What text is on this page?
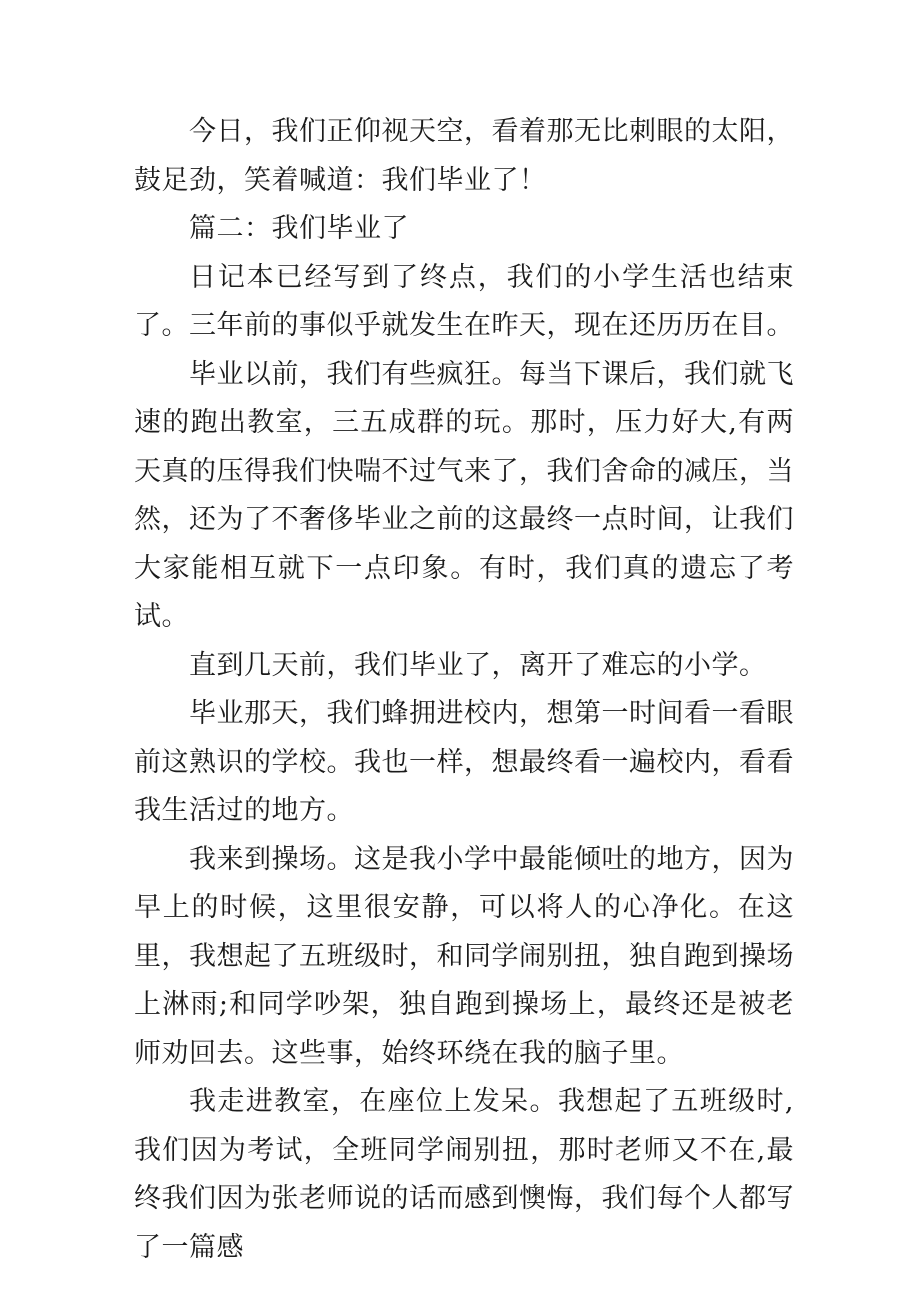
今日，我们正仰视天空，看着那无比刺眼的太阳，鼓足劲，笑着喊道：我们毕业了！

篇二：我们毕业了

日记本已经写到了终点，我们的小学生活也结束了。三年前的事似乎就发生在昨天，现在还历历在目。

毕业以前，我们有些疯狂。每当下课后，我们就飞速的跑出教室，三五成群的玩。那时，压力好大,有两天真的压得我们快喘不过气来了，我们舍命的减压，当然，还为了不奢侈毕业之前的这最终一点时间，让我们大家能相互就下一点印象。有时，我们真的遗忘了考试。

直到几天前，我们毕业了，离开了难忘的小学。

毕业那天，我们蜂拥进校内，想第一时间看一看眼前这熟识的学校。我也一样，想最终看一遍校内，看看我生活过的地方。

我来到操场。这是我小学中最能倾吐的地方，因为早上的时候，这里很安静，可以将人的心净化。在这里，我想起了五班级时，和同学闹别扭，独自跑到操场上淋雨;和同学吵架，独自跑到操场上，最终还是被老师劝回去。这些事，始终环绕在我的脑子里。

我走进教室，在座位上发呆。我想起了五班级时,我们因为考试，全班同学闹别扭，那时老师又不在,最终我们因为张老师说的话而感到懊悔，我们每个人都写了一篇感
